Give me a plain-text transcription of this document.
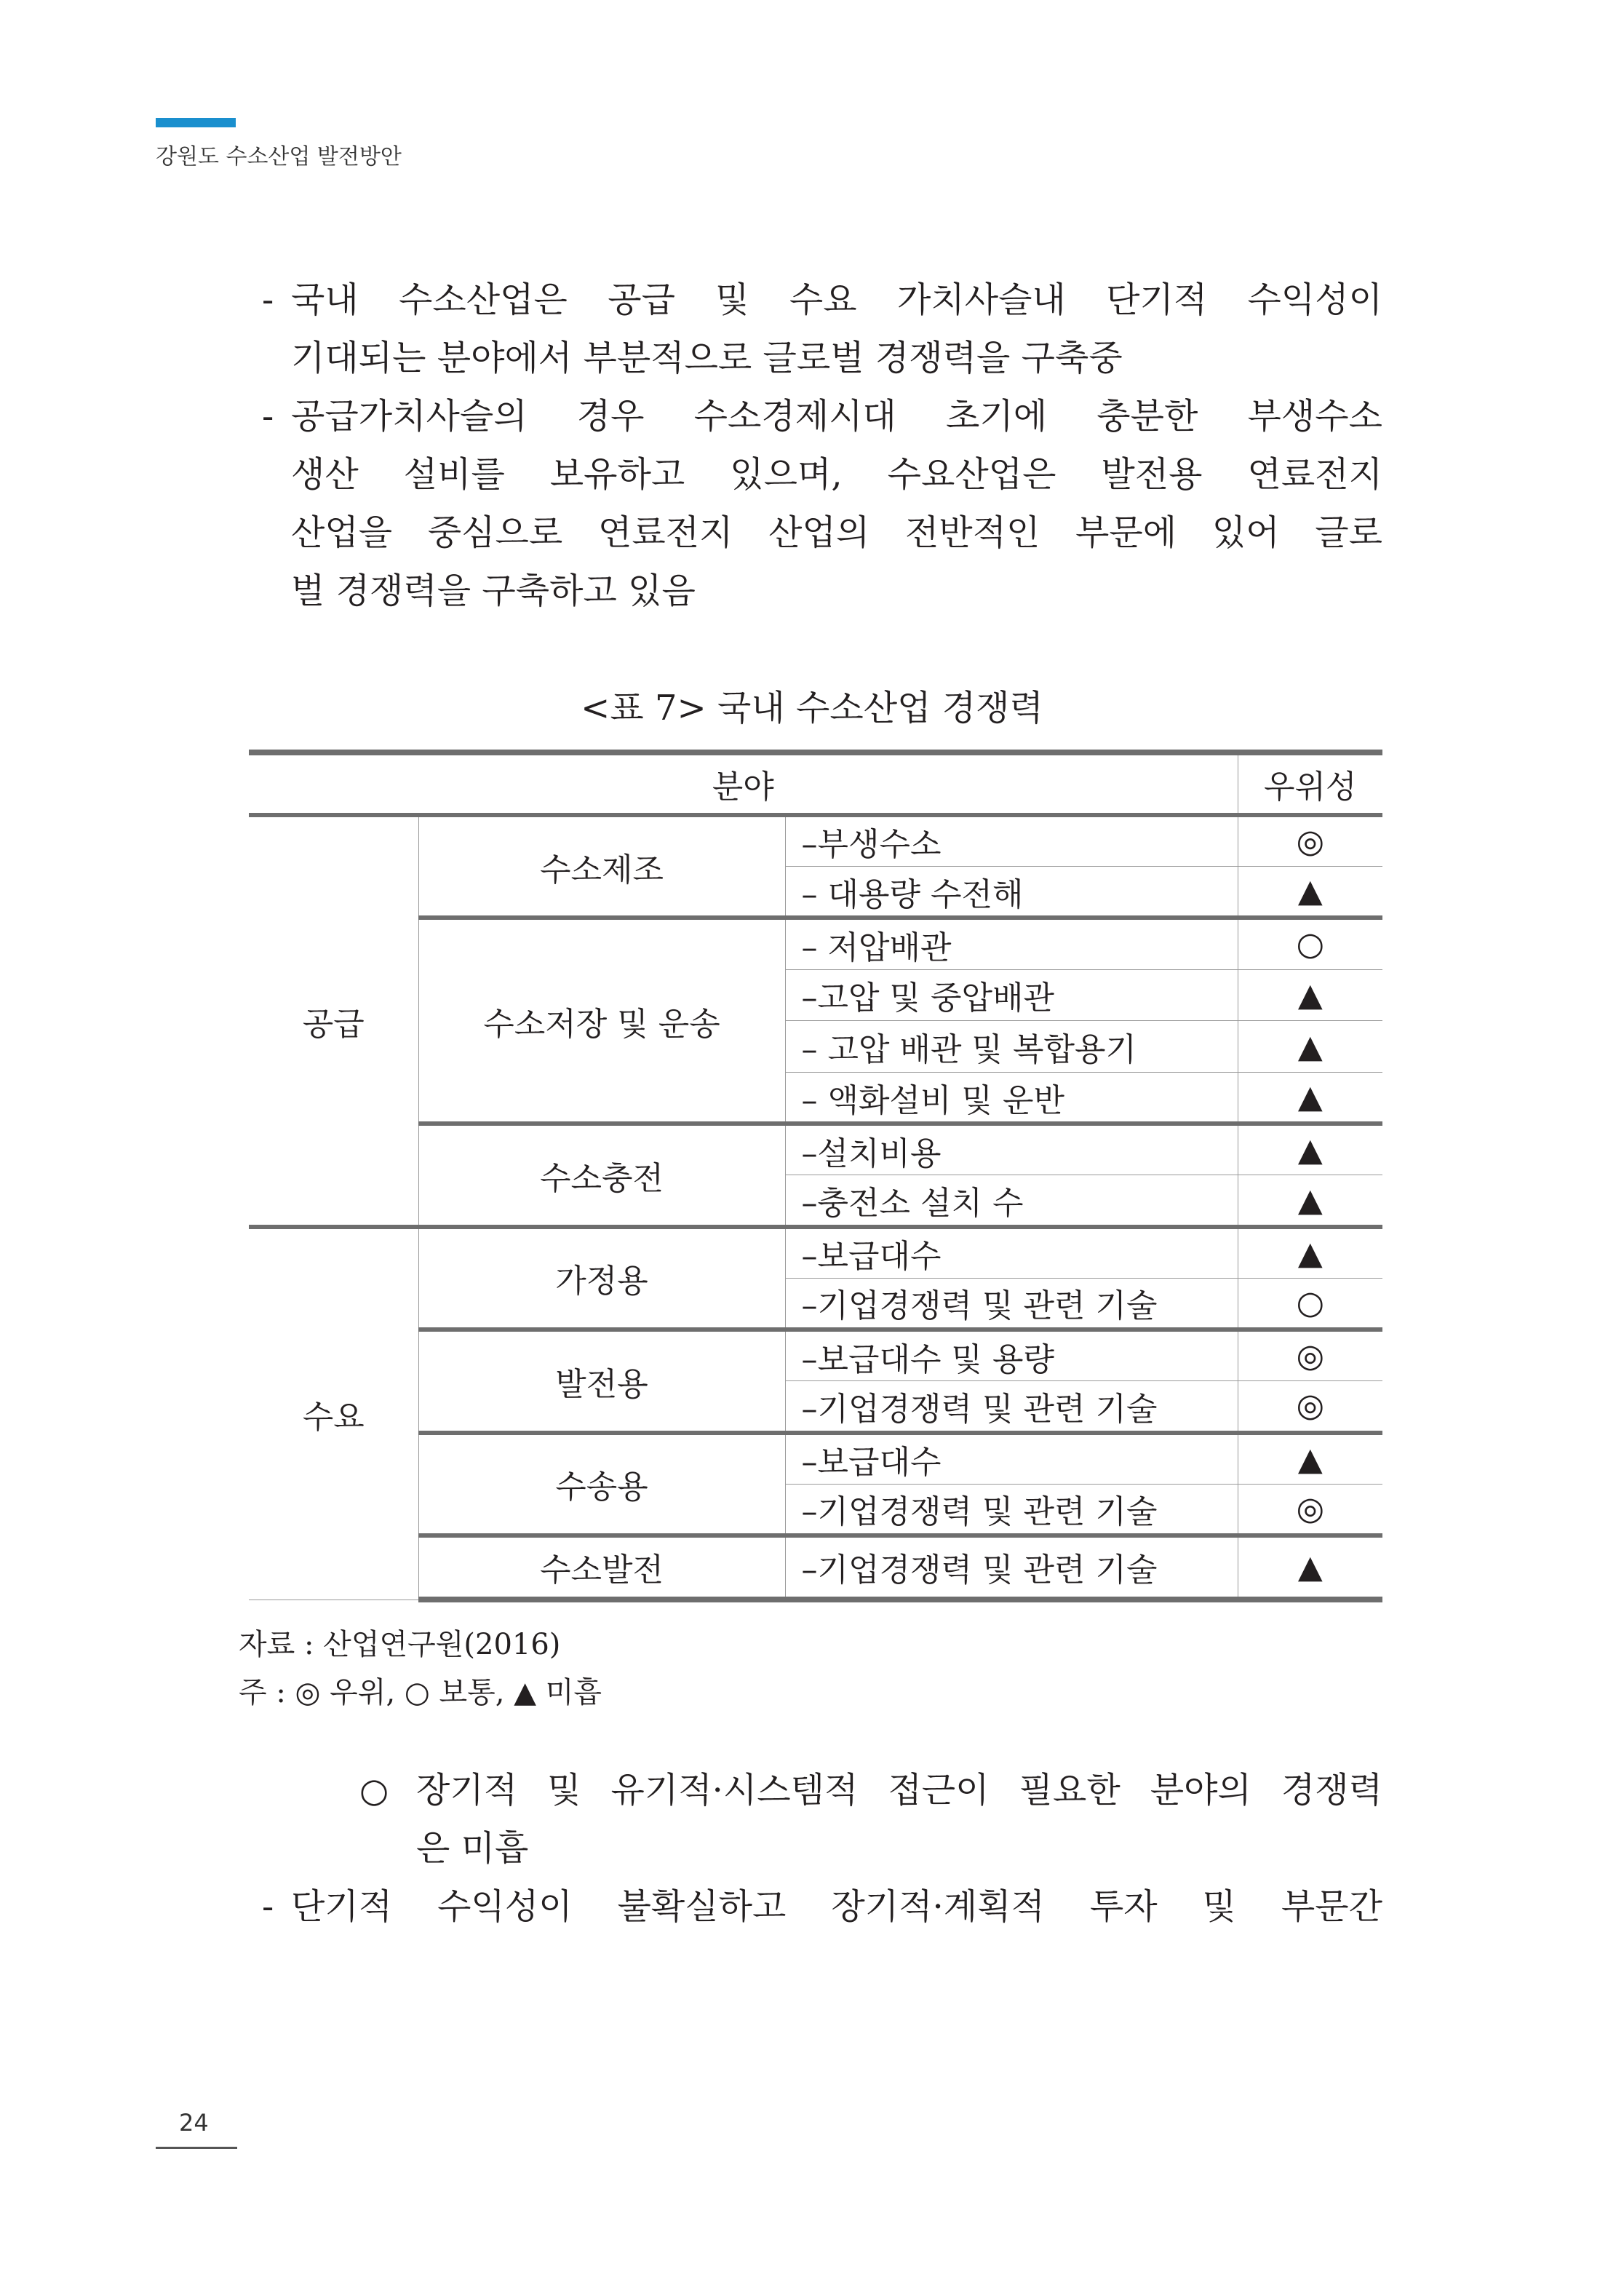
강원도 수소산업 발전방안
- 국내 수소산업은 공급 및 수요 가치사슬내 단기적 수익성이
기대되는 분야에서 부분적으로 글로벌 경쟁력을 구축중
- 공급가치사슬의 경우 수소경제시대 초기에 충분한 부생수소
생산 설비를 보유하고 있으며, 수요산업은 발전용 연료전지
산업을 중심으로 연료전지 산업의 전반적인 부문에 있어 글로
벌 경쟁력을 구축하고 있음
<표 7> 국내 수소산업 경쟁력
분야			우위성
공급	수소제조	–부생수소	◎
		– 대용량 수전해	▲
	수소저장 및 운송	– 저압배관	○
		–고압 및 중압배관	▲
		– 고압 배관 및 복합용기	▲
		– 액화설비 및 운반	▲
	수소충전	–설치비용	▲
		–충전소 설치 수	▲
수요	가정용	–보급대수	▲
		–기업경쟁력 및 관련 기술	○
	발전용	–보급대수 및 용량	◎
		–기업경쟁력 및 관련 기술	◎
	수송용	–보급대수	▲
		–기업경쟁력 및 관련 기술	◎
	수소발전	–기업경쟁력 및 관련 기술	▲
자료 : 산업연구원(2016)
주 : ◎ 우위, ○ 보통, ▲ 미흡
○ 장기적 및 유기적·시스템적 접근이 필요한 분야의 경쟁력
은 미흡
- 단기적 수익성이 불확실하고 장기적·계획적 투자 및 부문간
24
